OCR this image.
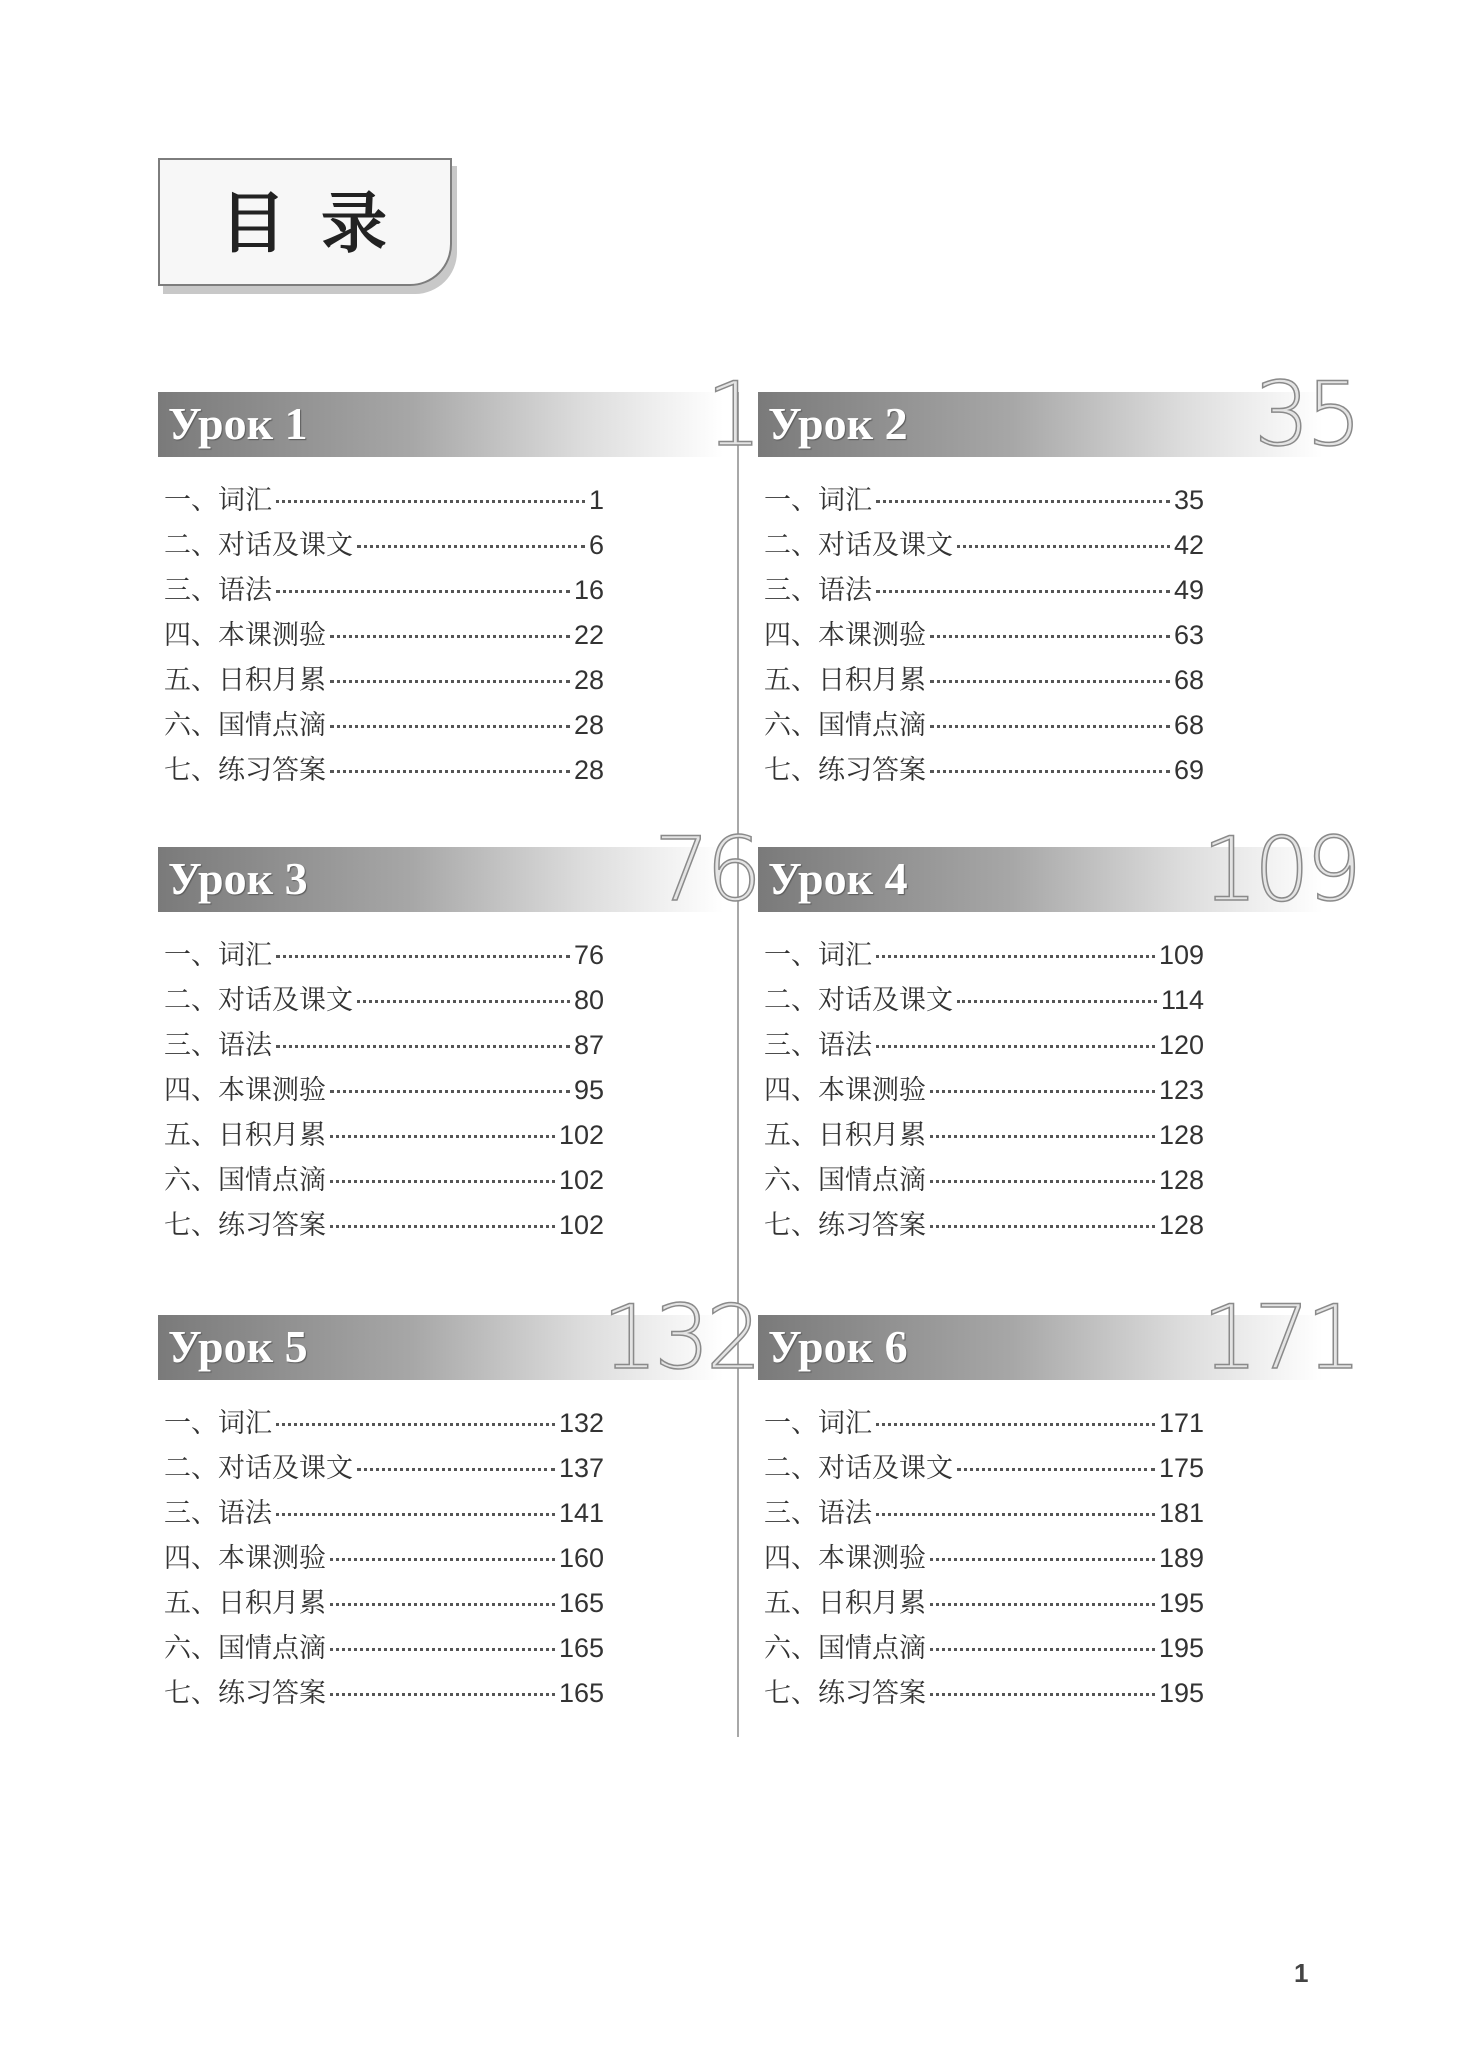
目 录
1
Урок 1
一、词汇	1
二、对话及课文	6
三、语法	16
四、本课测验	22
五、日积月累	28
六、国情点滴	28
七、练习答案	28
35
Урок 2
一、词汇	35
二、对话及课文	42
三、语法	49
四、本课测验	63
五、日积月累	68
六、国情点滴	68
七、练习答案	69
76
Урок 3
一、词汇	76
二、对话及课文	80
三、语法	87
四、本课测验	95
五、日积月累	102
六、国情点滴	102
七、练习答案	102
109
Урок 4
一、词汇	109
二、对话及课文	114
三、语法	120
四、本课测验	123
五、日积月累	128
六、国情点滴	128
七、练习答案	128
132
Урок 5
一、词汇	132
二、对话及课文	137
三、语法	141
四、本课测验	160
五、日积月累	165
六、国情点滴	165
七、练习答案	165
171
Урок 6
一、词汇	171
二、对话及课文	175
三、语法	181
四、本课测验	189
五、日积月累	195
六、国情点滴	195
七、练习答案	195
1
